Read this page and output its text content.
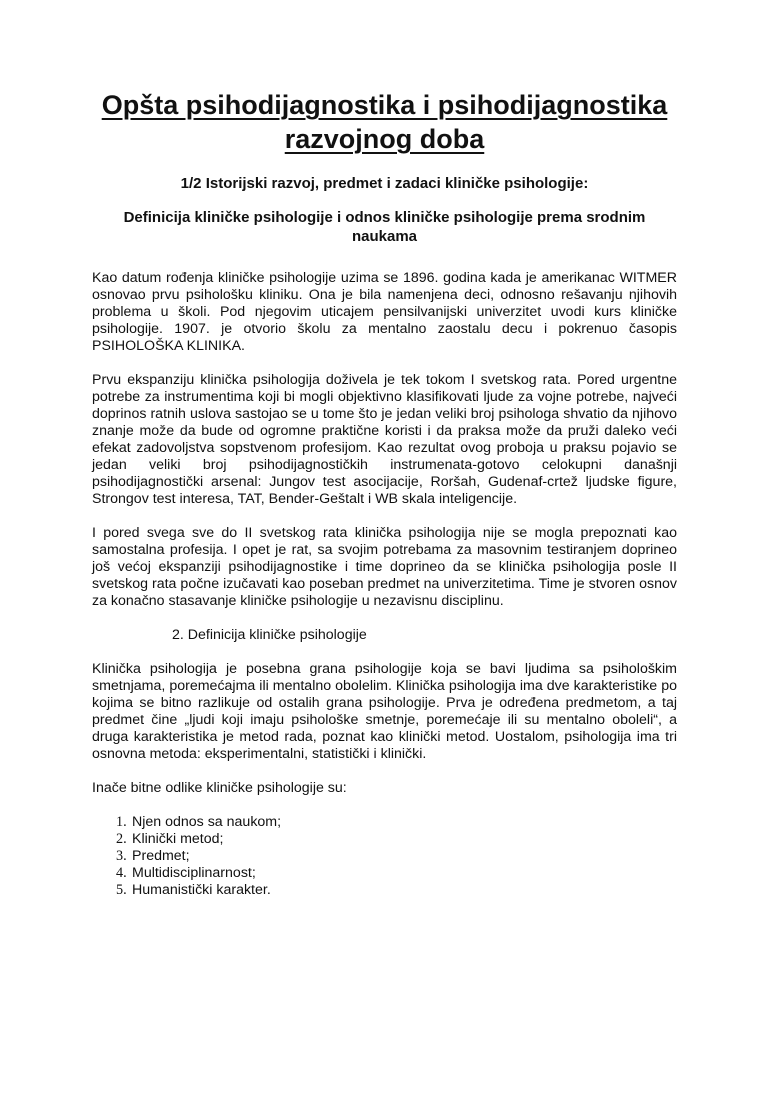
Opšta psihodijagnostika i psihodijagnostika razvojnog doba
1/2 Istorijski razvoj, predmet i zadaci kliničke psihologije:
Definicija kliničke psihologije i odnos kliničke psihologije prema srodnim naukama

Kao datum rođenja kliničke psihologije uzima se 1896. godina kada je amerikanac WITMER osnovao prvu psihološku kliniku. Ona je bila namenjena deci, odnosno rešavanju njihovih problema u školi. Pod njegovim uticajem pensilvanijski univerzitet uvodi kurs kliničke psihologije. 1907. je otvorio školu za mentalno zaostalu decu i pokrenuo časopis PSIHOLOŠKA KLINIKA.

Prvu ekspanziju klinička psihologija doživela je tek tokom I svetskog rata. Pored urgentne potrebe za instrumentima koji bi mogli objektivno klasifikovati ljude za vojne potrebe, najveći doprinos ratnih uslova sastojao se u tome što je jedan veliki broj psihologa shvatio da njihovo znanje može da bude od ogromne praktične koristi i da praksa može da pruži daleko veći efekat zadovoljstva sopstvenom profesijom. Kao rezultat ovog proboja u praksu pojavio se jedan veliki broj psihodijagnostičkih instrumenata-gotovo celokupni današnji psihodijagnostički arsenal: Jungov test asocijacije, Roršah, Gudenaf-crtež ljudske figure, Strongov test interesa, TAT, Bender-Geštalt i WB skala inteligencije.

I pored svega sve do II svetskog rata klinička psihologija nije se mogla prepoznati kao samostalna profesija. I opet je rat, sa svojim potrebama za masovnim testiranjem doprineo još većoj ekspanziji psihodijagnostike i time doprineo da se klinička psihologija posle II svetskog rata počne izučavati kao poseban predmet na univerzitetima. Time je stvoren osnov za konačno stasavanje kliničke psihologije u nezavisnu disciplinu.

2. Definicija kliničke psihologije

Klinička psihologija je posebna grana psihologije koja se bavi ljudima sa psihološkim smetnjama, poremećajma ili mentalno obolelim. Klinička psihologija ima dve karakteristike po kojima se bitno razlikuje od ostalih grana psihologije. Prva je određena predmetom, a taj predmet čine „ljudi koji imaju psihološke smetnje, poremećaje ili su mentalno oboleli“, a druga karakteristika je metod rada, poznat kao klinički metod. Uostalom, psihologija ima tri osnovna metoda: eksperimentalni, statistički i klinički.

Inače bitne odlike kliničke psihologije su:

1. Njen odnos sa naukom;
2. Klinički metod;
3. Predmet;
4. Multidisciplinarnost;
5. Humanistički karakter.
